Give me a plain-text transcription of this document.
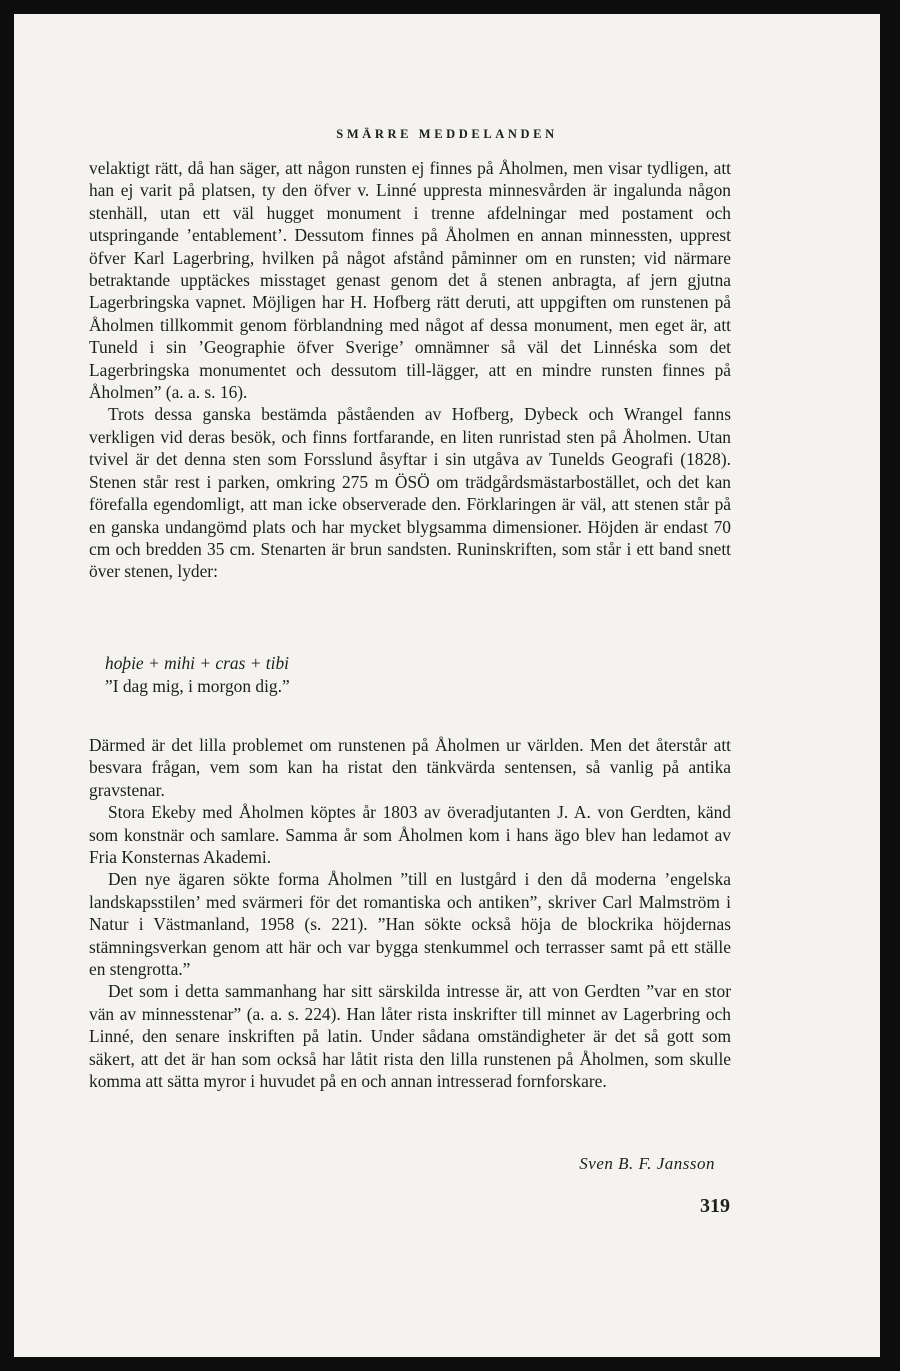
SMÄRRE MEDDELANDEN

velaktigt rätt, då han säger, att någon runsten ej finnes på Åholmen, men visar tydligen, att han ej varit på platsen, ty den öfver v. Linné uppresta minnesvården är ingalunda någon stenhäll, utan ett väl hugget monument i trenne afdelningar med postament och utspringande ’entablement’. Dessutom finnes på Åholmen en annan minnessten, upprest öfver Karl Lagerbring, hvilken på något afstånd påminner om en runsten; vid närmare betraktande upptäckes misstaget genast genom det å stenen anbragta, af jern gjutna Lagerbringska vapnet. Möjligen har H. Hofberg rätt deruti, att uppgiften om runstenen på Åholmen tillkommit genom förblandning med något af dessa monument, men eget är, att Tuneld i sin ’Geographie öfver Sverige’ omnämner så väl det Linnéska som det Lagerbringska monumentet och dessutom till-lägger, att en mindre runsten finnes på Åholmen” (a. a. s. 16).

Trots dessa ganska bestämda påståenden av Hofberg, Dybeck och Wrangel fanns verkligen vid deras besök, och finns fortfarande, en liten runristad sten på Åholmen. Utan tvivel är det denna sten som Forsslund åsyftar i sin utgåva av Tunelds Geografi (1828). Stenen står rest i parken, omkring 275 m ÖSÖ om trädgårdsmästarbostället, och det kan förefalla egendomligt, att man icke observerade den. Förklaringen är väl, att stenen står på en ganska undangömd plats och har mycket blygsamma dimensioner. Höjden är endast 70 cm och bredden 35 cm. Stenarten är brun sandsten. Runinskriften, som står i ett band snett över stenen, lyder:

hoþie + mihi + cras + tibi
”I dag mig, i morgon dig.”

Därmed är det lilla problemet om runstenen på Åholmen ur världen. Men det återstår att besvara frågan, vem som kan ha ristat den tänkvärda sentensen, så vanlig på antika gravstenar.

Stora Ekeby med Åholmen köptes år 1803 av överadjutanten J. A. von Gerdten, känd som konstnär och samlare. Samma år som Åholmen kom i hans ägo blev han ledamot av Fria Konsternas Akademi.

Den nye ägaren sökte forma Åholmen ”till en lustgård i den då moderna ’engelska landskapsstilen’ med svärmeri för det romantiska och antiken”, skriver Carl Malmström i Natur i Västmanland, 1958 (s. 221). ”Han sökte också höja de blockrika höjdernas stämningsverkan genom att här och var bygga stenkummel och terrasser samt på ett ställe en stengrotta.”

Det som i detta sammanhang har sitt särskilda intresse är, att von Gerdten ”var en stor vän av minnesstenar” (a. a. s. 224). Han låter rista inskrifter till minnet av Lagerbring och Linné, den senare inskriften på latin. Under sådana omständigheter är det så gott som säkert, att det är han som också har låtit rista den lilla runstenen på Åholmen, som skulle komma att sätta myror i huvudet på en och annan intresserad fornforskare.

Sven B. F. Jansson
319
